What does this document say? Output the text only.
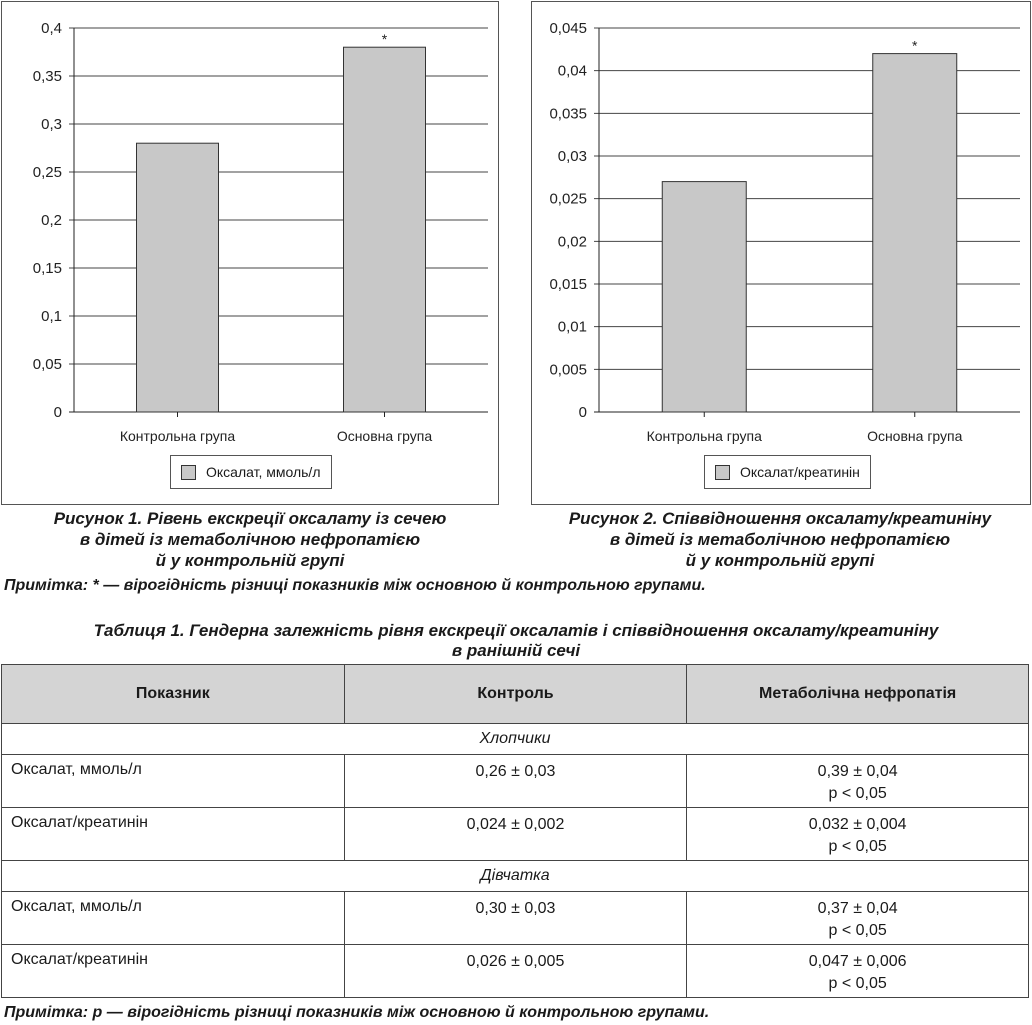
0
0,05
0,1
0,15
0,2
0,25
0,3
0,35
0,4
Контрольна група	Основна група
*
Оксалат, ммоль/л
0
0,005
0,01
0,015
0,02
0,025
0,03
0,035
0,04
0,045
Контрольна група	Основна група
*
Оксалат/креатинін
Рисунок 1. Рівень екскреції оксалату із сечею
в дітей із метаболічною нефропатією
й у контрольній групі
Рисунок 2. Співвідношення оксалату/креатиніну
в дітей із метаболічною нефропатією
й у контрольній групі
Примітка: * — вірогідність різниці показників між основною й контрольною групами.
Таблиця 1. Гендерна залежність рівня екскреції оксалатів і співвідношення оксалату/креатиніну
в ранішній сечі
Показник	Контроль	Метаболічна нефропатія
Хлопчики		
Оксалат, ммоль/л	0,26 ± 0,03	0,39 ± 0,04
р < 0,05

Оксалат/креатинін	0,024 ± 0,002	0,032 ± 0,004
р < 0,05

Дівчатка		
Оксалат, ммоль/л	0,30 ± 0,03	0,37 ± 0,04
р < 0,05

Оксалат/креатинін	0,026 ± 0,005	0,047 ± 0,006
р < 0,05
Примітка: р — вірогідність різниці показників між основною й контрольною групами.
